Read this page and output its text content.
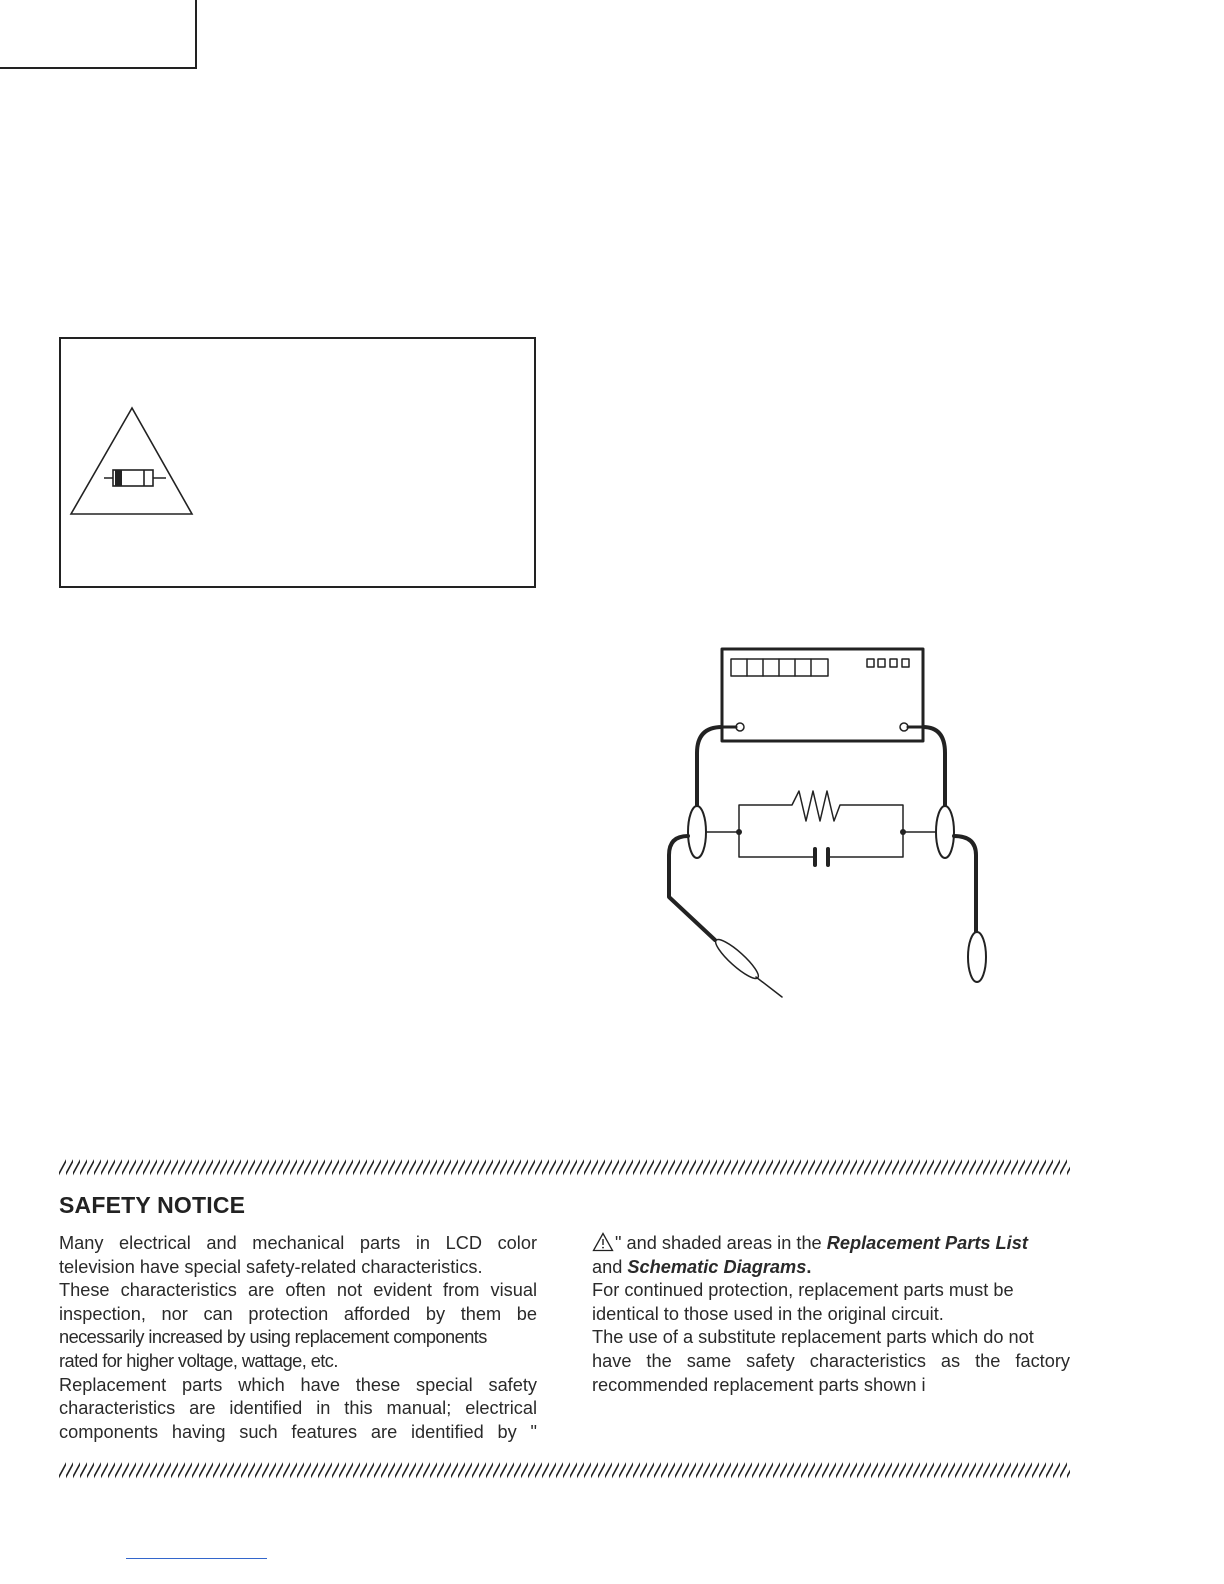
SAFETY NOTICE
Many electrical and mechanical parts in LCD color
television have special safety-related characteristics.
These characteristics are often not evident from visual
inspection, nor can protection afforded by them be
necessarily increased by using replacement components
rated for higher voltage, wattage, etc.
Replacement parts which have these special safety
characteristics are identified in this manual; electrical
components having such features are identified by "
" and shaded areas in the Replacement Parts List
and Schematic Diagrams.
For continued protection, replacement parts must be
identical to those used in the original circuit.
The use of a substitute replacement parts which do not
have the same safety characteristics as the factory
recommended replacement parts shown i
